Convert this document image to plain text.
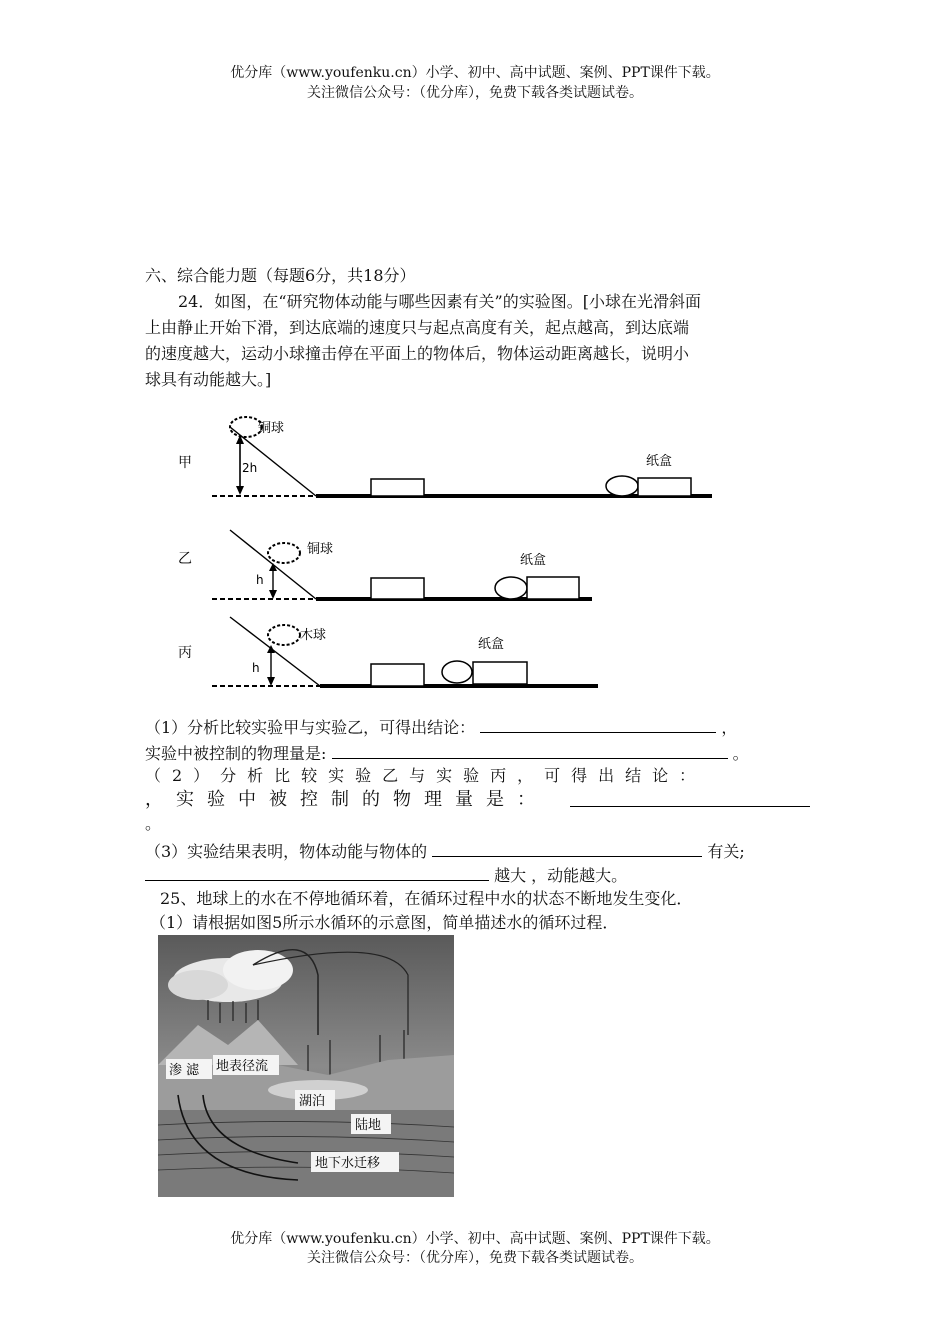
优分库（www.youfenku.cn）小学、初中、高中试题、案例、PPT课件下载。
关注微信公众号：（优分库），免费下载各类试题试卷。
六、综合能力题（每题6分，共18分）
24．如图，在“研究物体动能与哪些因素有关”的实验图。[小球在光滑斜面
上由静止开始下滑，到达底端的速度只与起点高度有关，起点越高，到达底端
的速度越大，运动小球撞击停在平面上的物体后，物体运动距离越长，说明小
球具有动能越大。]
甲
铜球
2h	纸盒
乙
铜球
h
纸盒
丙
木球
h
纸盒
（1）分析比较实验甲与实验乙，可得出结论：	，
实验中被控制的物理量是:	。
（2）分析比较实验乙与实验丙，可得出结论：
，实验中被控制的物理量是：
。
（3）实验结果表明，物体动能与物体的	有关;
越大 ，动能越大。
25、地球上的水在不停地循环着，在循环过程中水的状态不断地发生变化．
（1）请根据如图5所示水循环的示意图，简单描述水的循环过程．
渗 滤 地表径流
湖泊
陆地
地下水迁移
优分库（www.youfenku.cn）小学、初中、高中试题、案例、PPT课件下载。
关注微信公众号：（优分库），免费下载各类试题试卷。
